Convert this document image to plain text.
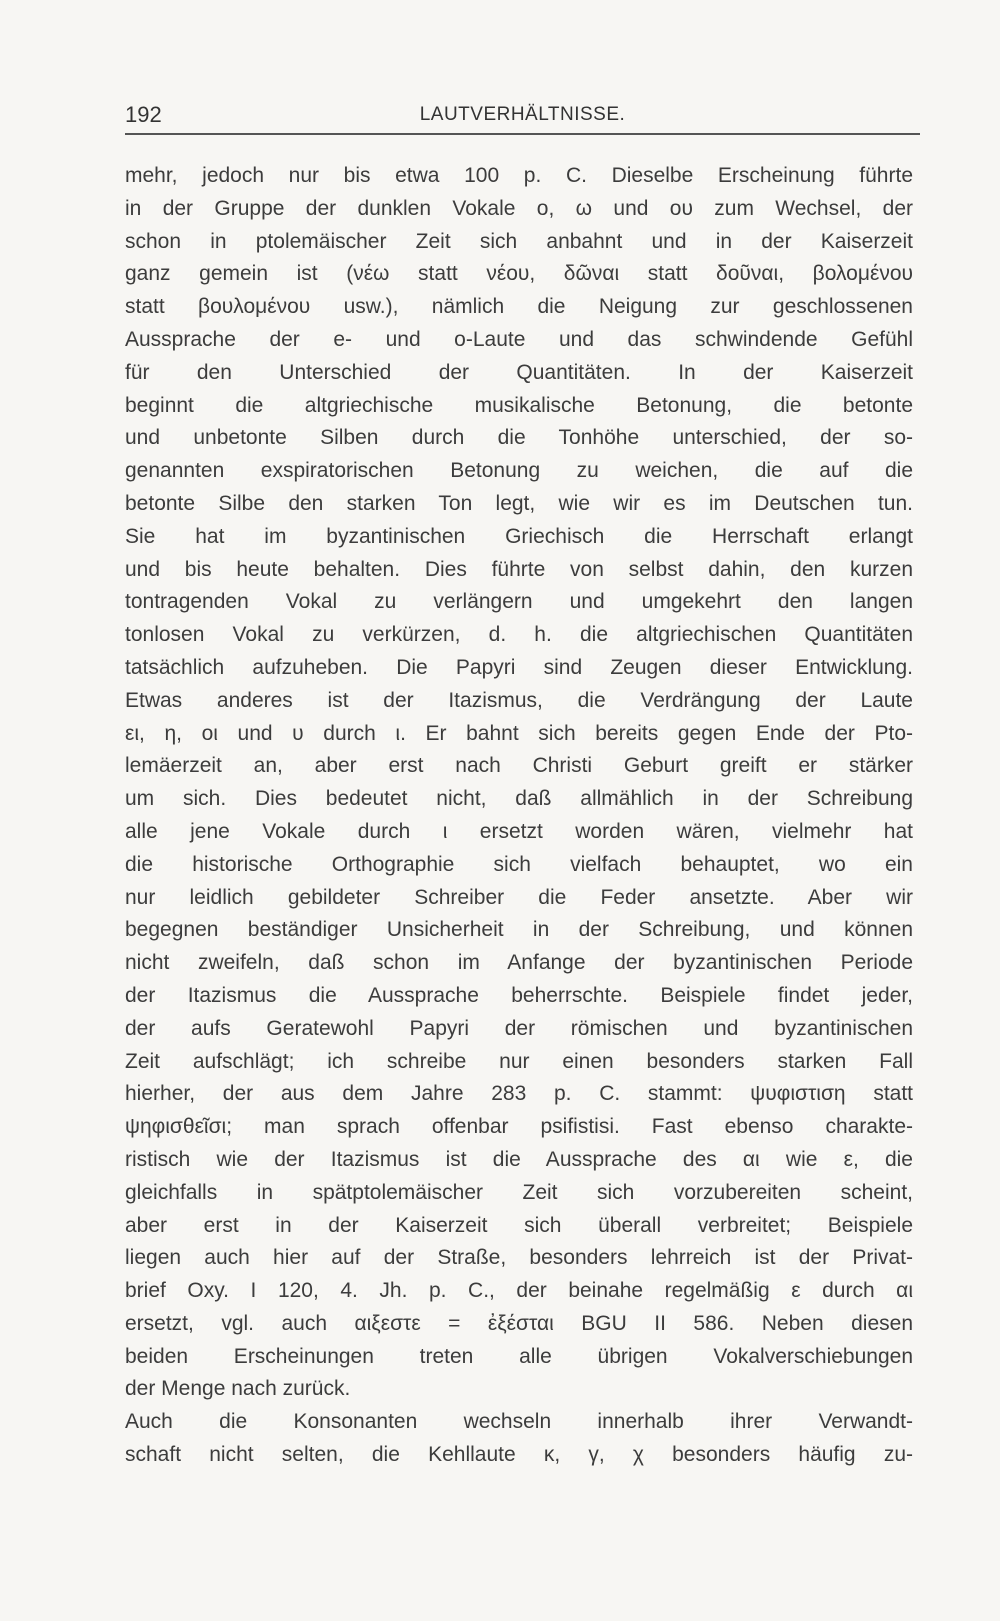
192	LAUTVERHÄLTNISSE.
mehr, jedoch nur bis etwa 100 p. C. Dieselbe Erscheinung führte
in der Gruppe der dunklen Vokale ο, ω und ου zum Wechsel, der
schon in ptolemäischer Zeit sich anbahnt und in der Kaiserzeit
ganz gemein ist (νέω statt νέου, δῶναι statt δοῦναι, βολομένου
statt βουλομένου usw.), nämlich die Neigung zur geschlossenen
Aussprache der e- und o-Laute und das schwindende Gefühl
für den Unterschied der Quantitäten. In der Kaiserzeit
beginnt die altgriechische musikalische Betonung, die betonte
und unbetonte Silben durch die Tonhöhe unterschied, der so-
genannten exspiratorischen Betonung zu weichen, die auf die
betonte Silbe den starken Ton legt, wie wir es im Deutschen tun.
Sie hat im byzantinischen Griechisch die Herrschaft erlangt
und bis heute behalten. Dies führte von selbst dahin, den kurzen
tontragenden Vokal zu verlängern und umgekehrt den langen
tonlosen Vokal zu verkürzen, d. h. die altgriechischen Quantitäten
tatsächlich aufzuheben. Die Papyri sind Zeugen dieser Entwicklung.
Etwas anderes ist der Itazismus, die Verdrängung der Laute
ει, η, οι und υ durch ι. Er bahnt sich bereits gegen Ende der Pto-
lemäerzeit an, aber erst nach Christi Geburt greift er stärker
um sich. Dies bedeutet nicht, daß allmählich in der Schreibung
alle jene Vokale durch ι ersetzt worden wären, vielmehr hat
die historische Orthographie sich vielfach behauptet, wo ein
nur leidlich gebildeter Schreiber die Feder ansetzte. Aber wir
begegnen beständiger Unsicherheit in der Schreibung, und können
nicht zweifeln, daß schon im Anfange der byzantinischen Periode
der Itazismus die Aussprache beherrschte. Beispiele findet jeder,
der aufs Geratewohl Papyri der römischen und byzantinischen
Zeit aufschlägt; ich schreibe nur einen besonders starken Fall
hierher, der aus dem Jahre 283 p. C. stammt: ψυφιστιση statt
ψηφισθεῖσι; man sprach offenbar psifistisi. Fast ebenso charakte-
ristisch wie der Itazismus ist die Aussprache des αι wie ε, die
gleichfalls in spätptolemäischer Zeit sich vorzubereiten scheint,
aber erst in der Kaiserzeit sich überall verbreitet; Beispiele
liegen auch hier auf der Straße, besonders lehrreich ist der Privat-
brief Oxy. I 120, 4. Jh. p. C., der beinahe regelmäßig ε durch αι
ersetzt, vgl. auch αιξεστε = ἐξέσται BGU II 586. Neben diesen
beiden Erscheinungen treten alle übrigen Vokalverschiebungen
der Menge nach zurück.
Auch die Konsonanten wechseln innerhalb ihrer Verwandt-
schaft nicht selten, die Kehllaute κ, γ, χ besonders häufig zu-
